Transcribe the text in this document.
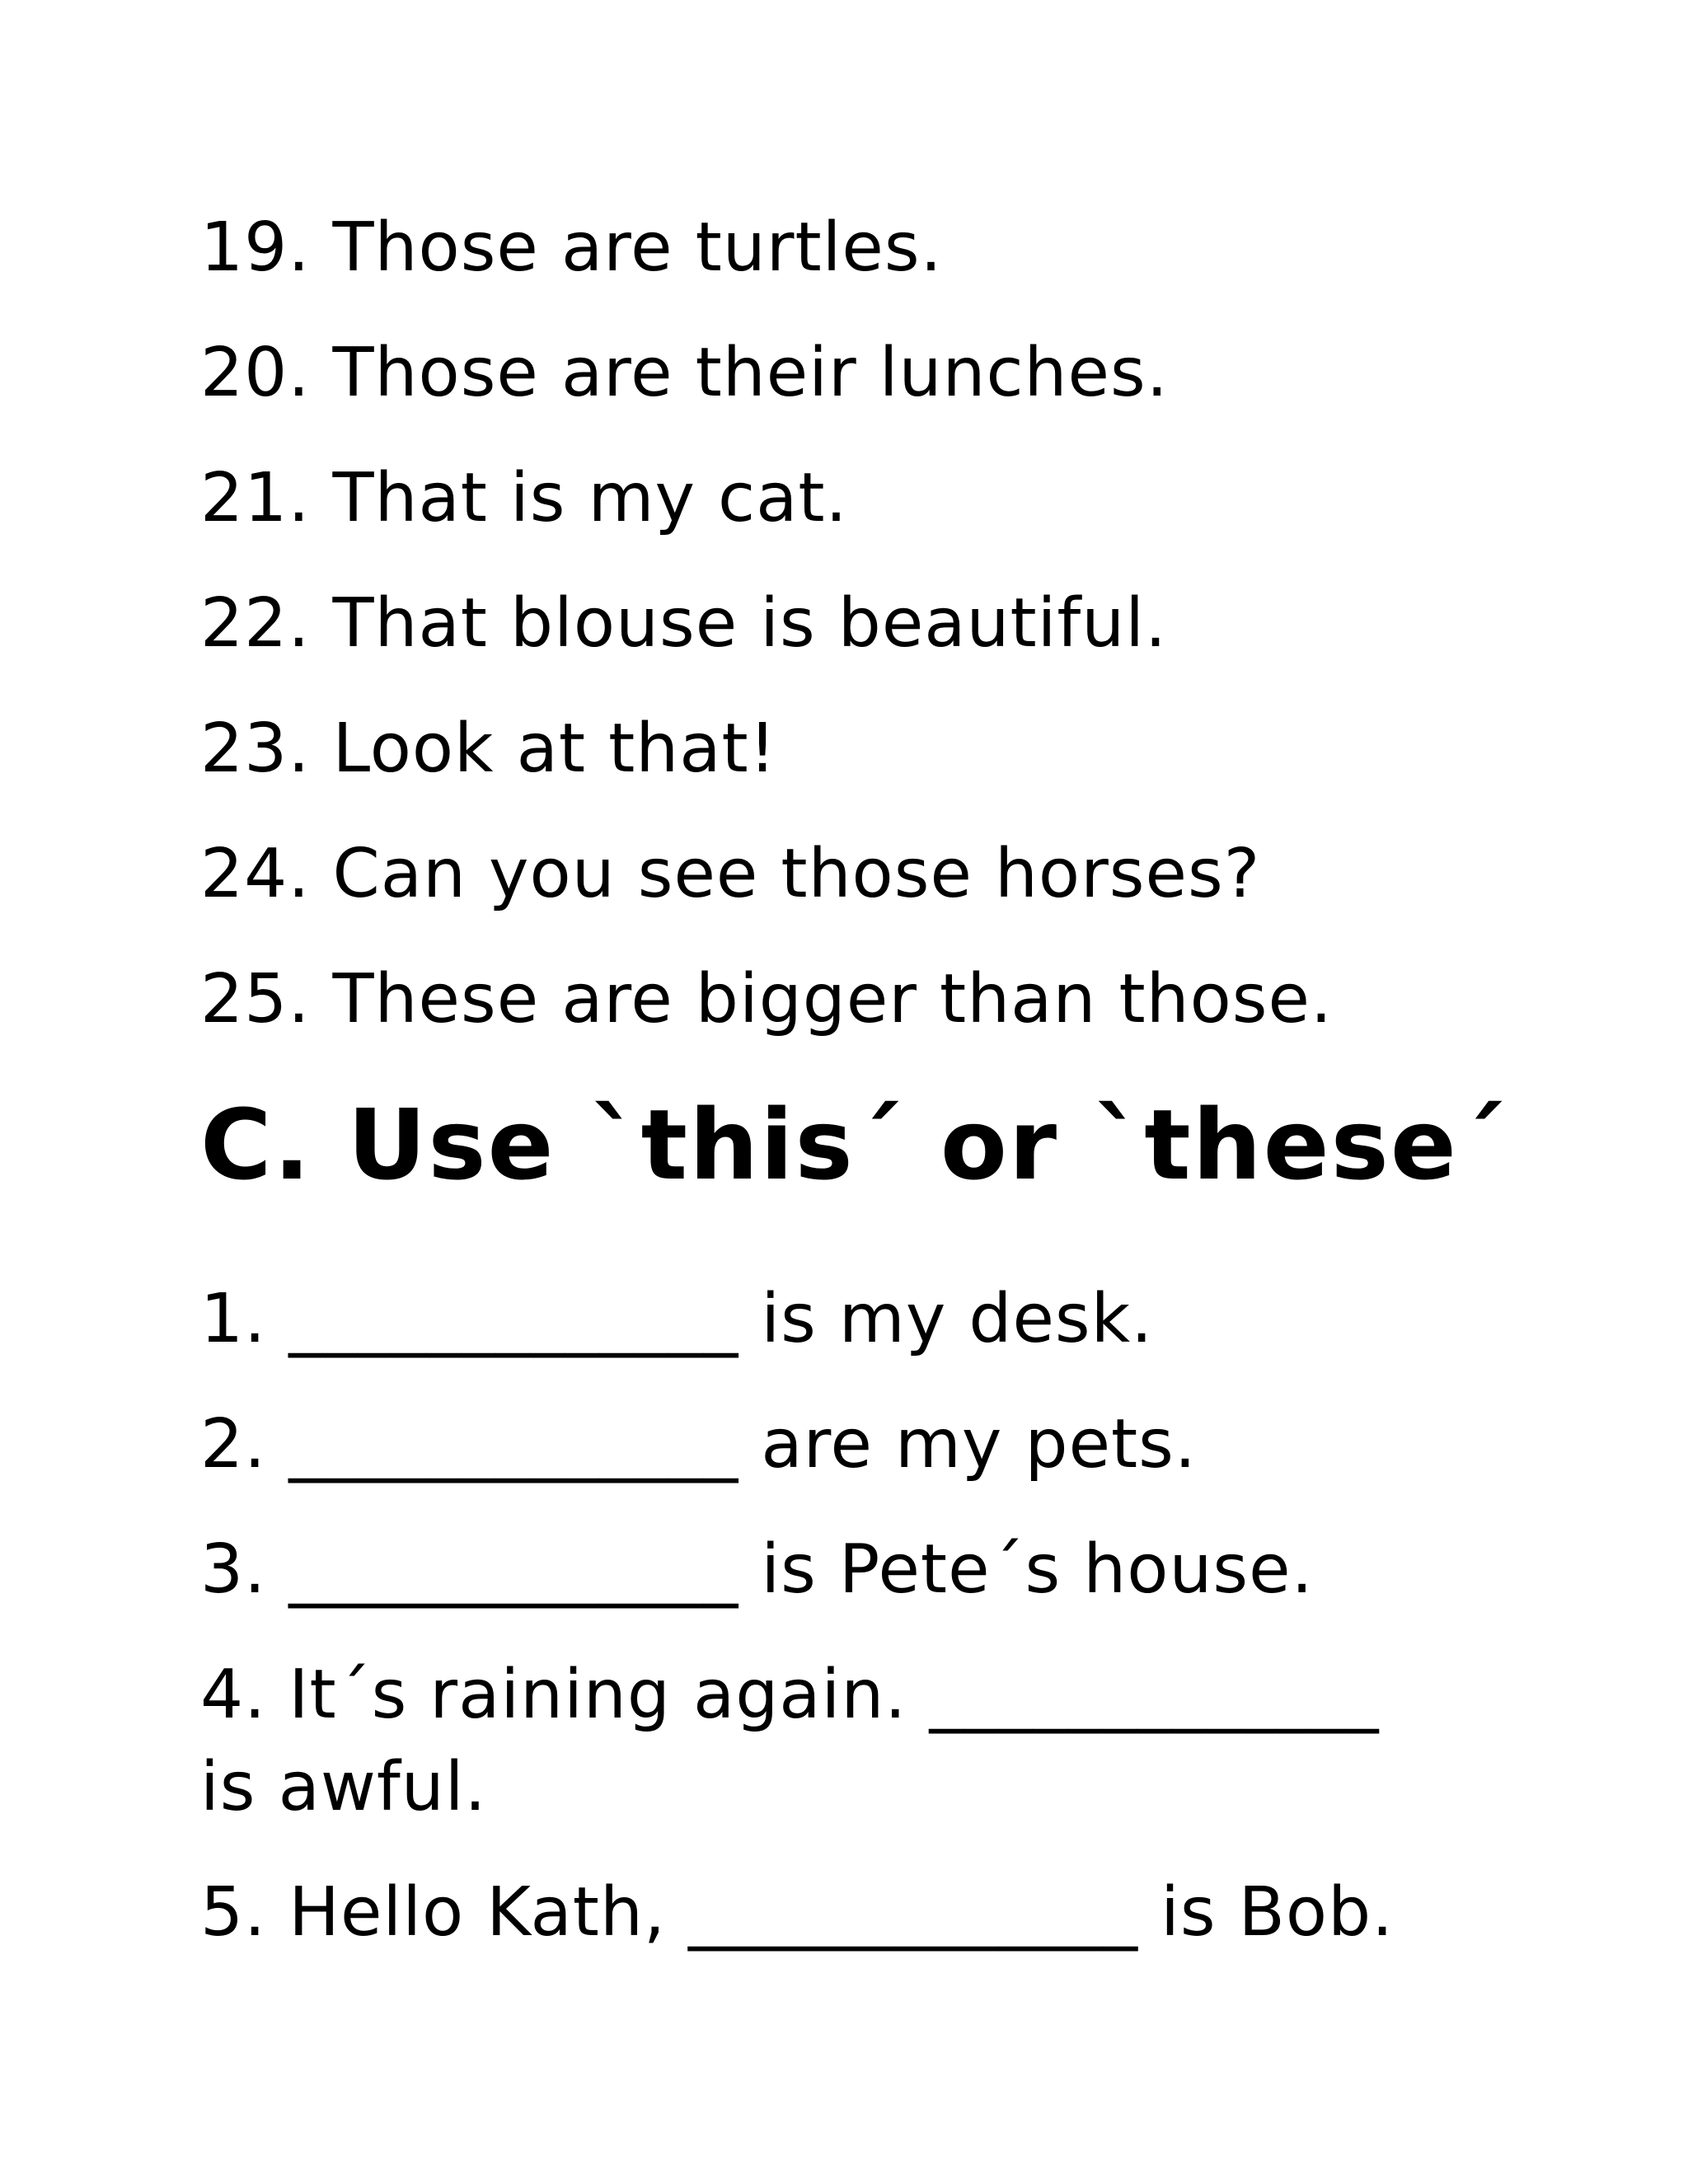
19. Those are turtles.
20. Those are their lunches.
21. That is my cat.
22. That blouse is beautiful.
23. Look at that!
24. Can you see those horses?
25. These are bigger than those.
C. Use `this´ or `these´
1. _____________ is my desk.
2. _____________ are my pets.
3. _____________ is Pete´s house.
4. It´s raining again. _____________
is awful.
5. Hello Kath, _____________ is Bob.
